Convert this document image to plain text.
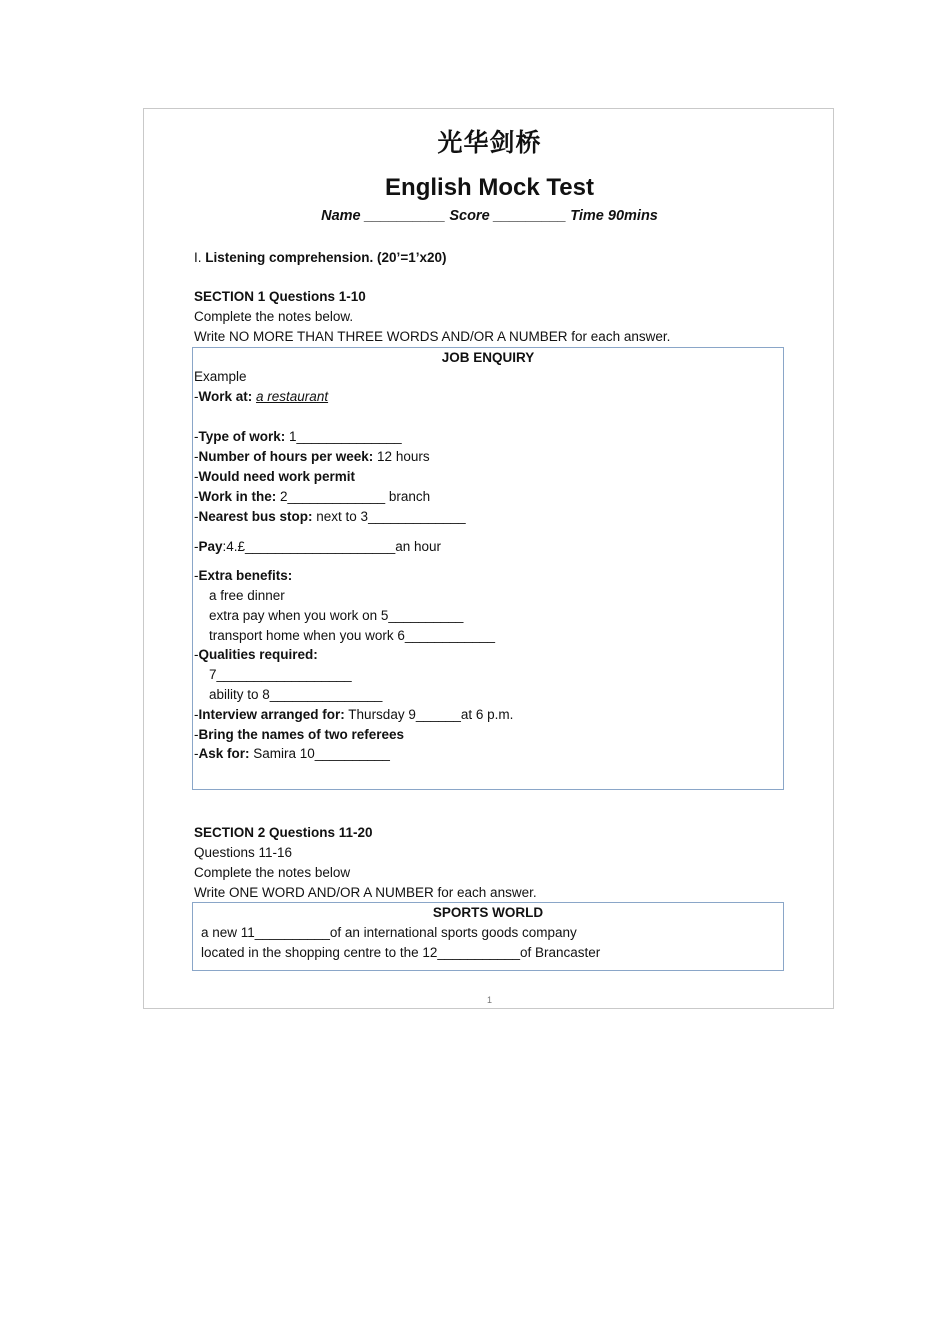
光华剑桥
English Mock Test
Name __________ Score _________ Time 90mins
I. Listening comprehension. (20’=1’x20)
SECTION 1 Questions 1-10
Complete the notes below.
Write NO MORE THAN THREE WORDS AND/OR A NUMBER for each answer.
JOB ENQUIRY
Example
-Work at: a restaurant
-Type of work: 1______________
-Number of hours per week: 12 hours
-Would need work permit
-Work in the: 2_____________ branch
-Nearest bus stop: next to 3_____________
-Pay:4.£____________________an hour
-Extra benefits:
a free dinner
extra pay when you work on 5__________
transport home when you work 6____________
-Qualities required:
7__________________
ability to 8_______________
-Interview arranged for: Thursday 9______at 6 p.m.
-Bring the names of two referees
-Ask for: Samira 10__________
SECTION 2 Questions 11-20
Questions 11-16
Complete the notes below
Write ONE WORD AND/OR A NUMBER for each answer.
SPORTS WORLD
a new 11__________of an international sports goods company
located in the shopping centre to the 12___________of Brancaster
1
